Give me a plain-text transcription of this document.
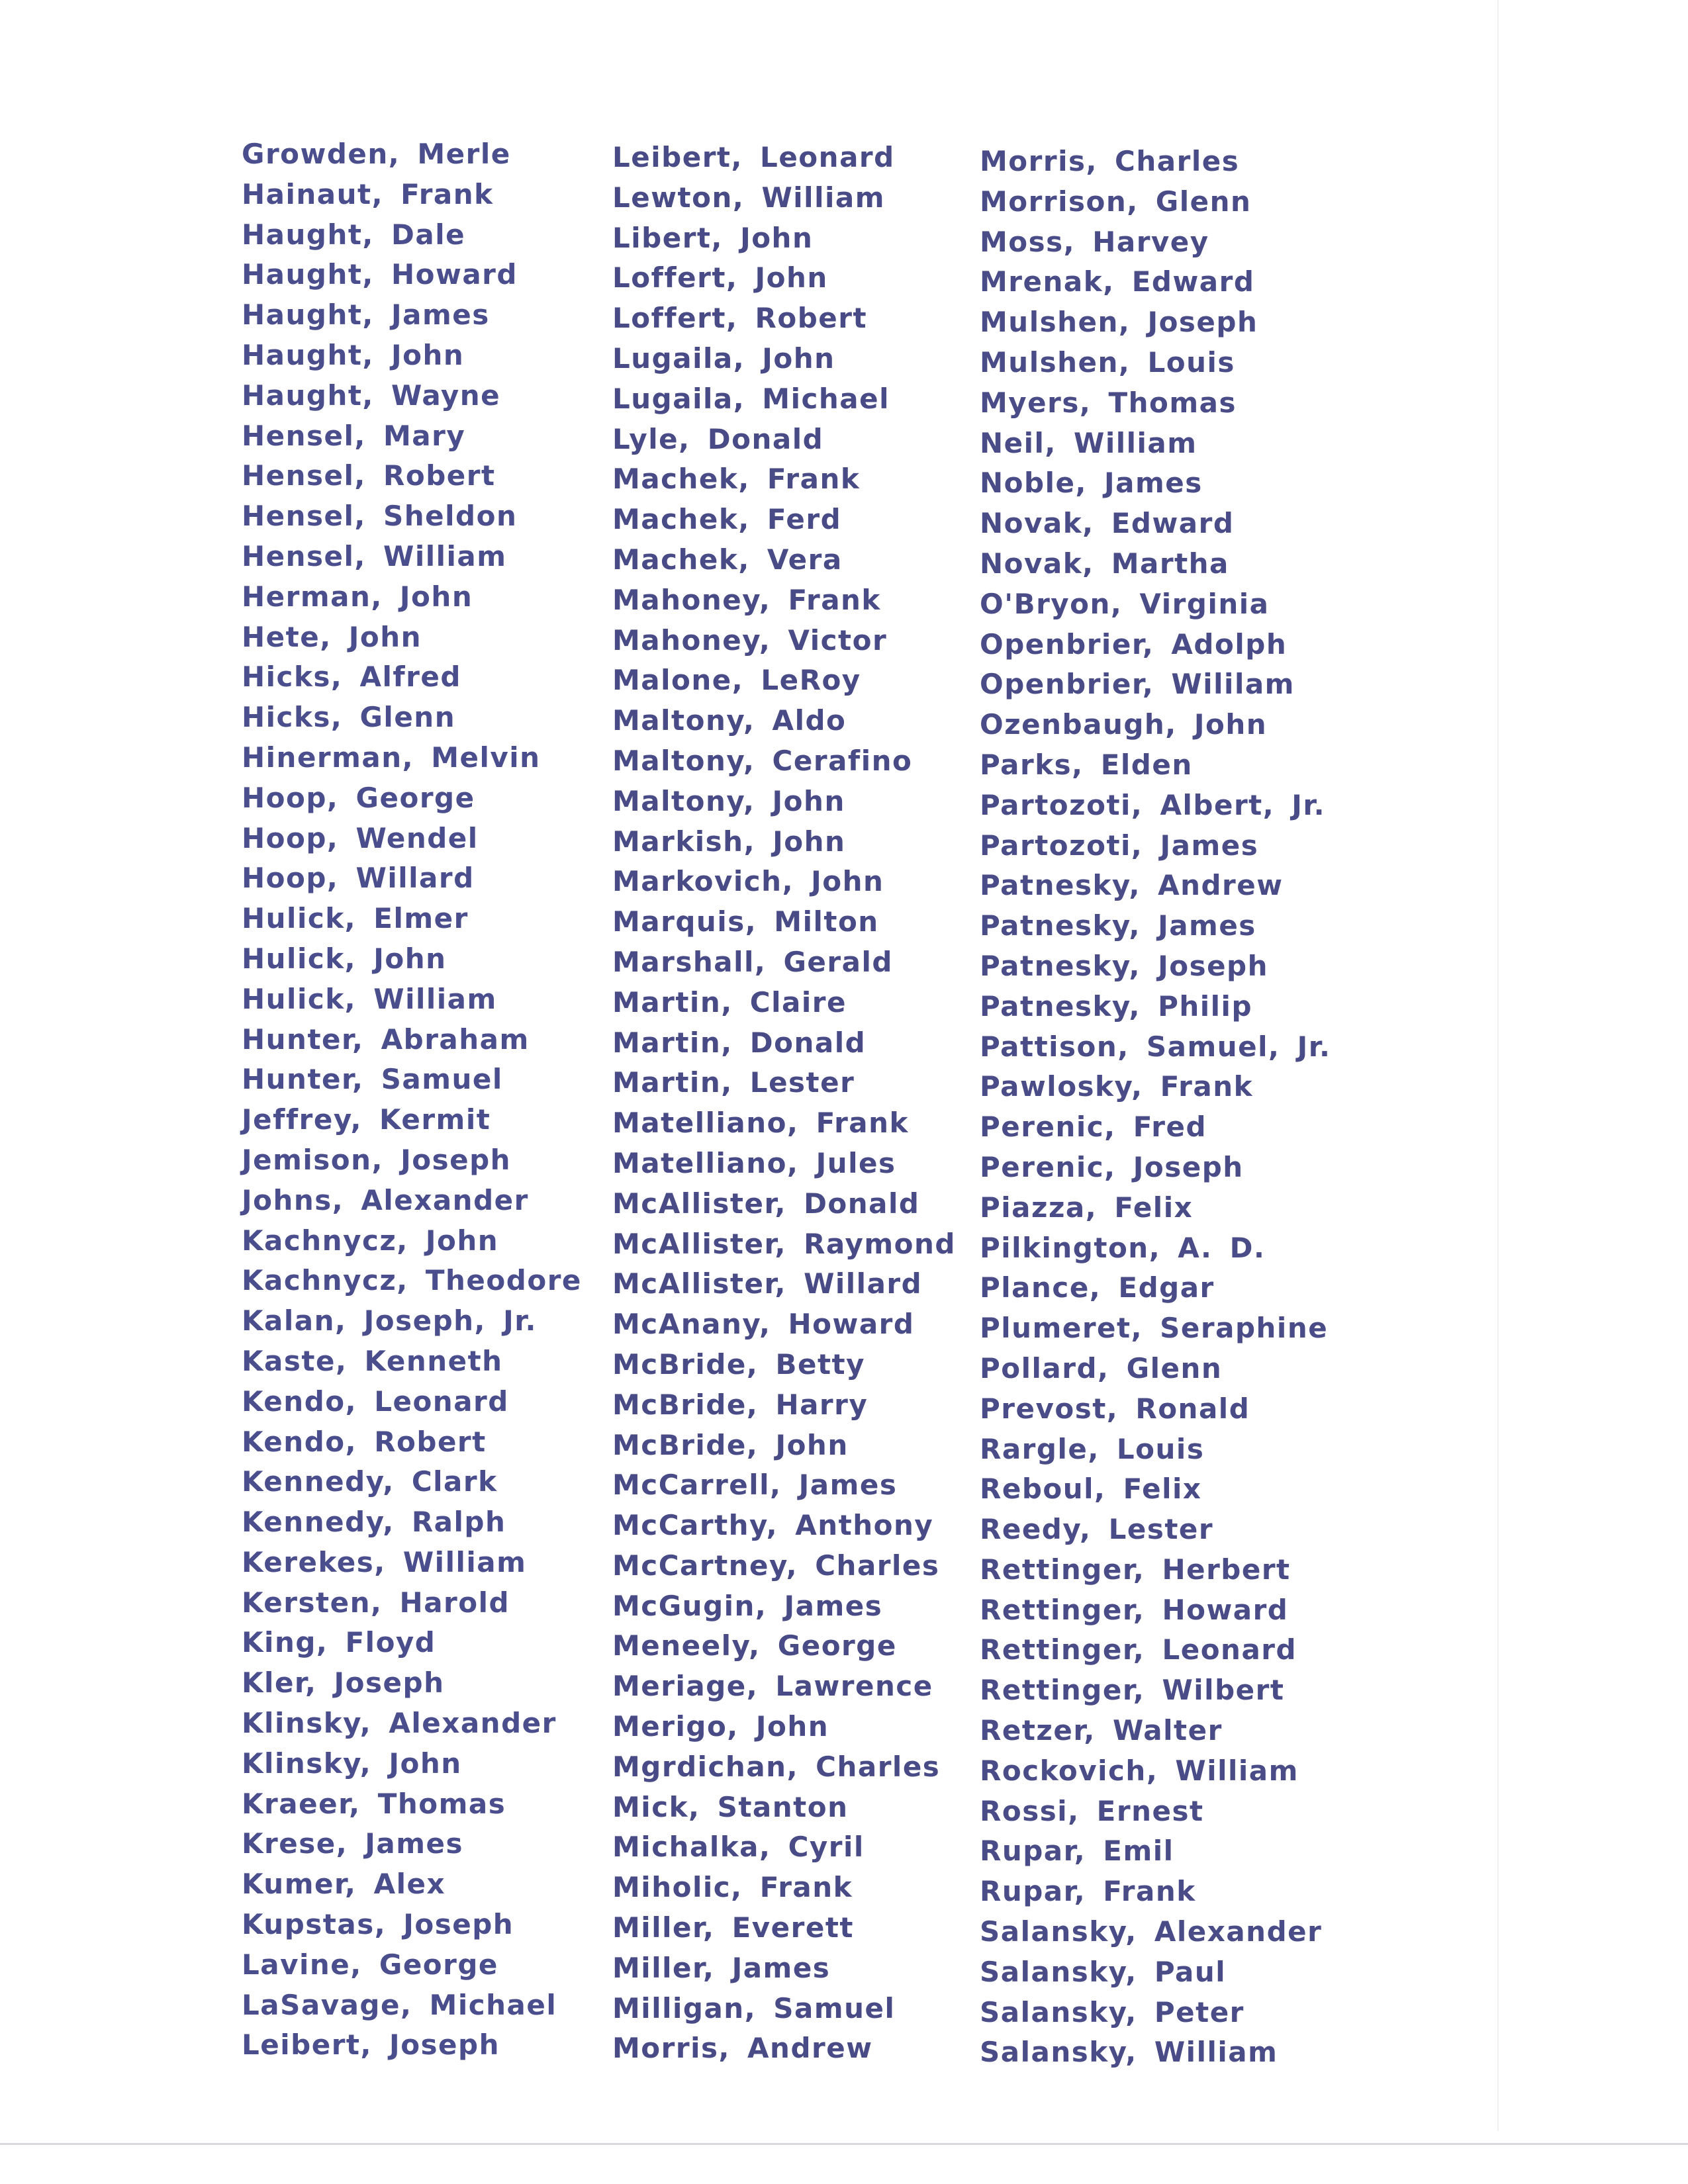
Growden, Merle
Hainaut, Frank
Haught, Dale
Haught, Howard
Haught, James
Haught, John
Haught, Wayne
Hensel, Mary
Hensel, Robert
Hensel, Sheldon
Hensel, William
Herman, John
Hete, John
Hicks, Alfred
Hicks, Glenn
Hinerman, Melvin
Hoop, George
Hoop, Wendel
Hoop, Willard
Hulick, Elmer
Hulick, John
Hulick, William
Hunter, Abraham
Hunter, Samuel
Jeffrey, Kermit
Jemison, Joseph
Johns, Alexander
Kachnycz, John
Kachnycz, Theodore
Kalan, Joseph, Jr.
Kaste, Kenneth
Kendo, Leonard
Kendo, Robert
Kennedy, Clark
Kennedy, Ralph
Kerekes, William
Kersten, Harold
King, Floyd
Kler, Joseph
Klinsky, Alexander
Klinsky, John
Kraeer, Thomas
Krese, James
Kumer, Alex
Kupstas, Joseph
Lavine, George
LaSavage, Michael
Leibert, Joseph
Leibert, Leonard
Lewton, William
Libert, John
Loffert, John
Loffert, Robert
Lugaila, John
Lugaila, Michael
Lyle, Donald
Machek, Frank
Machek, Ferd
Machek, Vera
Mahoney, Frank
Mahoney, Victor
Malone, LeRoy
Maltony, Aldo
Maltony, Cerafino
Maltony, John
Markish, John
Markovich, John
Marquis, Milton
Marshall, Gerald
Martin, Claire
Martin, Donald
Martin, Lester
Matelliano, Frank
Matelliano, Jules
McAllister, Donald
McAllister, Raymond
McAllister, Willard
McAnany, Howard
McBride, Betty
McBride, Harry
McBride, John
McCarrell, James
McCarthy, Anthony
McCartney, Charles
McGugin, James
Meneely, George
Meriage, Lawrence
Merigo, John
Mgrdichan, Charles
Mick, Stanton
Michalka, Cyril
Miholic, Frank
Miller, Everett
Miller, James
Milligan, Samuel
Morris, Andrew
Morris, Charles
Morrison, Glenn
Moss, Harvey
Mrenak, Edward
Mulshen, Joseph
Mulshen, Louis
Myers, Thomas
Neil, William
Noble, James
Novak, Edward
Novak, Martha
O'Bryon, Virginia
Openbrier, Adolph
Openbrier, Wililam
Ozenbaugh, John
Parks, Elden
Partozoti, Albert, Jr.
Partozoti, James
Patnesky, Andrew
Patnesky, James
Patnesky, Joseph
Patnesky, Philip
Pattison, Samuel, Jr.
Pawlosky, Frank
Perenic, Fred
Perenic, Joseph
Piazza, Felix
Pilkington, A. D.
Plance, Edgar
Plumeret, Seraphine
Pollard, Glenn
Prevost, Ronald
Rargle, Louis
Reboul, Felix
Reedy, Lester
Rettinger, Herbert
Rettinger, Howard
Rettinger, Leonard
Rettinger, Wilbert
Retzer, Walter
Rockovich, William
Rossi, Ernest
Rupar, Emil
Rupar, Frank
Salansky, Alexander
Salansky, Paul
Salansky, Peter
Salansky, William
